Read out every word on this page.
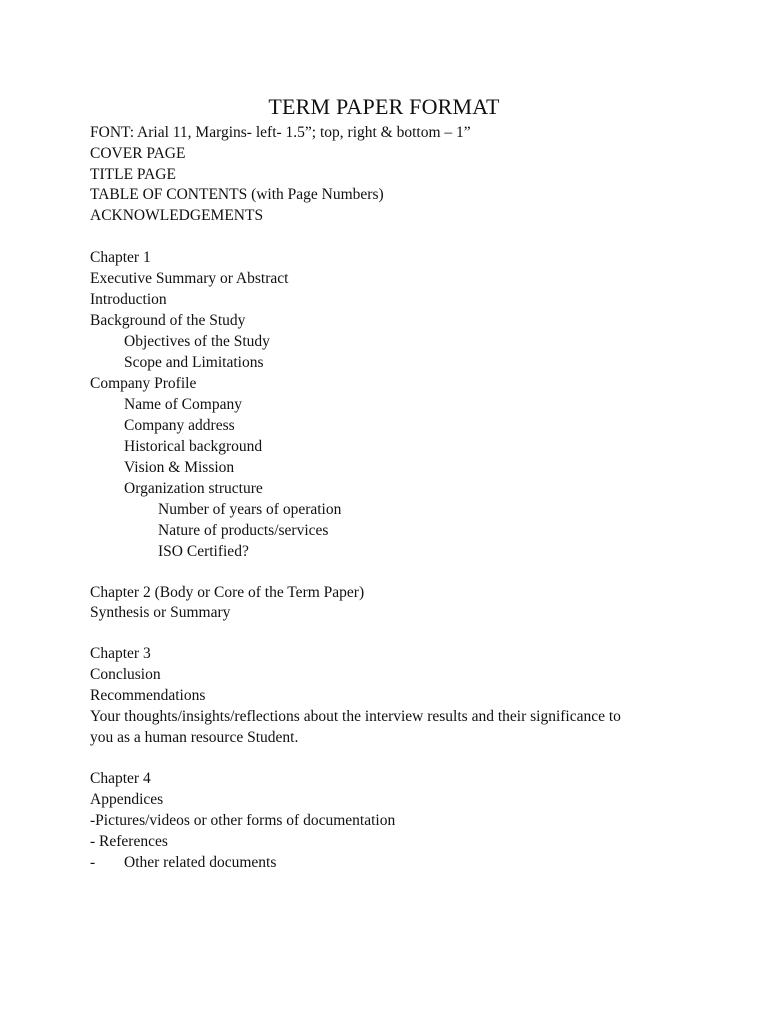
TERM PAPER FORMAT
FONT: Arial 11, Margins- left- 1.5”; top, right & bottom – 1”
COVER PAGE
TITLE PAGE
TABLE OF CONTENTS (with Page Numbers)
ACKNOWLEDGEMENTS
Chapter 1
Executive Summary or Abstract
Introduction
Background of the Study
Objectives of the Study
Scope and Limitations
Company Profile
Name of Company
Company address
Historical background
Vision & Mission
Organization structure
Number of years of operation
Nature of products/services
ISO Certified?
Chapter 2 (Body or Core of the Term Paper)
Synthesis or Summary
Chapter 3
Conclusion
Recommendations
Your thoughts/insights/reflections about the interview results and their significance to
you as a human resource Student.
Chapter 4
Appendices
-Pictures/videos or other forms of documentation
- References
- Other related documents
